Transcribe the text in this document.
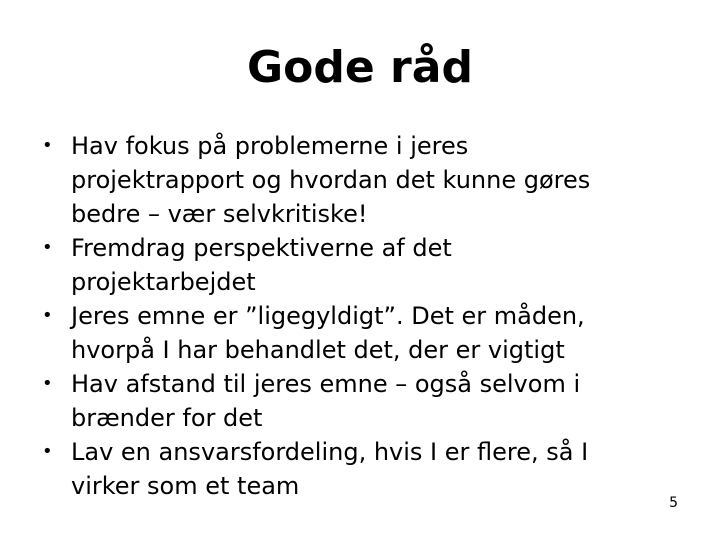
Gode råd
• Hav fokus på problemerne i jeres
projektrapport og hvordan det kunne gøres
bedre – vær selvkritiske!
• Fremdrag perspektiverne af det
projektarbejdet
• Jeres emne er ”ligegyldigt”. Det er måden,
hvorpå I har behandlet det, der er vigtigt
• Hav afstand til jeres emne – også selvom i
brænder for det
• Lav en ansvarsfordeling, hvis I er flere, så I
virker som et team
5
